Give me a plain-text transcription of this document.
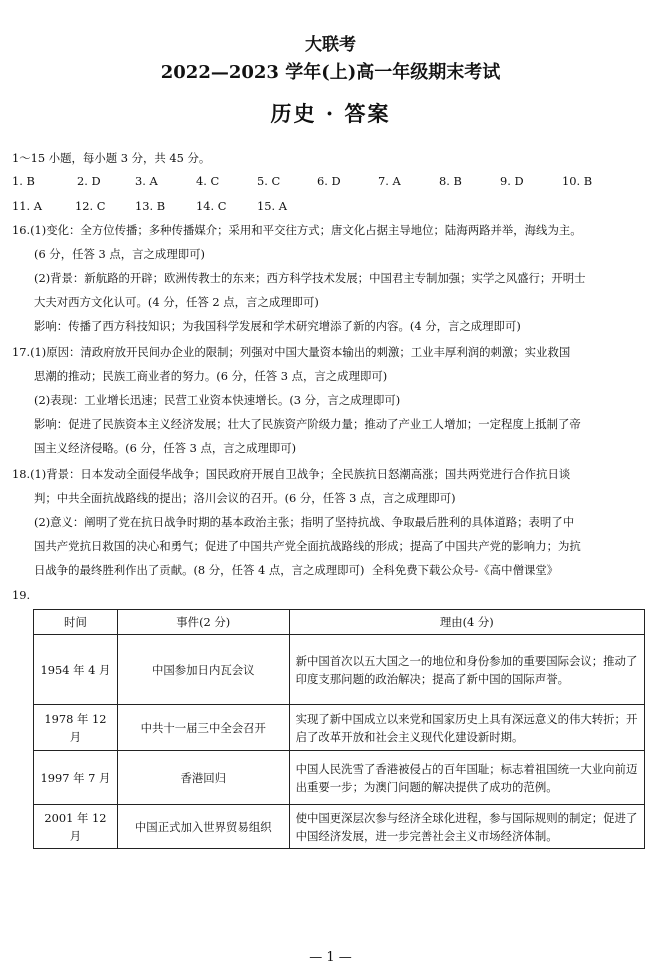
大联考
2022—2023 学年(上)高一年级期末考试
历史 · 答案
1～15 小题，每小题 3 分，共 45 分。
1. B	2. D	3. A	4. C	5. C	6. D	7. A	8. B	9. D	10. B
11. A	12. C	13. B	14. C	15. A
16.(1)变化：全方位传播；多种传播媒介；采用和平交往方式；唐文化占据主导地位；陆海两路并举，海线为主。
(6 分，任答 3 点，言之成理即可)
(2)背景：新航路的开辟；欧洲传教士的东来；西方科学技术发展；中国君主专制加强；实学之风盛行；开明士
大夫对西方文化认可。(4 分，任答 2 点，言之成理即可)
影响：传播了西方科技知识；为我国科学发展和学术研究增添了新的内容。(4 分，言之成理即可)
17.(1)原因：清政府放开民间办企业的限制；列强对中国大量资本输出的刺激；工业丰厚利润的刺激；实业救国
思潮的推动；民族工商业者的努力。(6 分，任答 3 点，言之成理即可)
(2)表现：工业增长迅速；民营工业资本快速增长。(3 分，言之成理即可)
影响：促进了民族资本主义经济发展；壮大了民族资产阶级力量；推动了产业工人增加；一定程度上抵制了帝
国主义经济侵略。(6 分，任答 3 点，言之成理即可)
18.(1)背景：日本发动全面侵华战争；国民政府开展自卫战争；全民族抗日怒潮高涨；国共两党进行合作抗日谈
判；中共全面抗战路线的提出；洛川会议的召开。(6 分，任答 3 点，言之成理即可)
(2)意义：阐明了党在抗日战争时期的基本政治主张；指明了坚持抗战、争取最后胜利的具体道路；表明了中
国共产党抗日救国的决心和勇气；促进了中国共产党全面抗战路线的形成；提高了中国共产党的影响力；为抗
日战争的最终胜利作出了贡献。(8 分，任答 4 点，言之成理即可) 全科免费下载公众号-《高中僧课堂》
19.
时间	事件(2 分)	理由(4 分)
1954 年 4 月	中国参加日内瓦会议	新中国首次以五大国之一的地位和身份参加的重要国际会议；推动了印度支那问题的政治解决；提高了新中国的国际声誉。
1978 年 12 月	中共十一届三中全会召开	实现了新中国成立以来党和国家历史上具有深远意义的伟大转折；开启了改革开放和社会主义现代化建设新时期。
1997 年 7 月	香港回归	中国人民洗雪了香港被侵占的百年国耻；标志着祖国统一大业向前迈出重要一步；为澳门问题的解决提供了成功的范例。
2001 年 12 月	中国正式加入世界贸易组织	使中国更深层次参与经济全球化进程，参与国际规则的制定；促进了中国经济发展，进一步完善社会主义市场经济体制。
— 1 —
